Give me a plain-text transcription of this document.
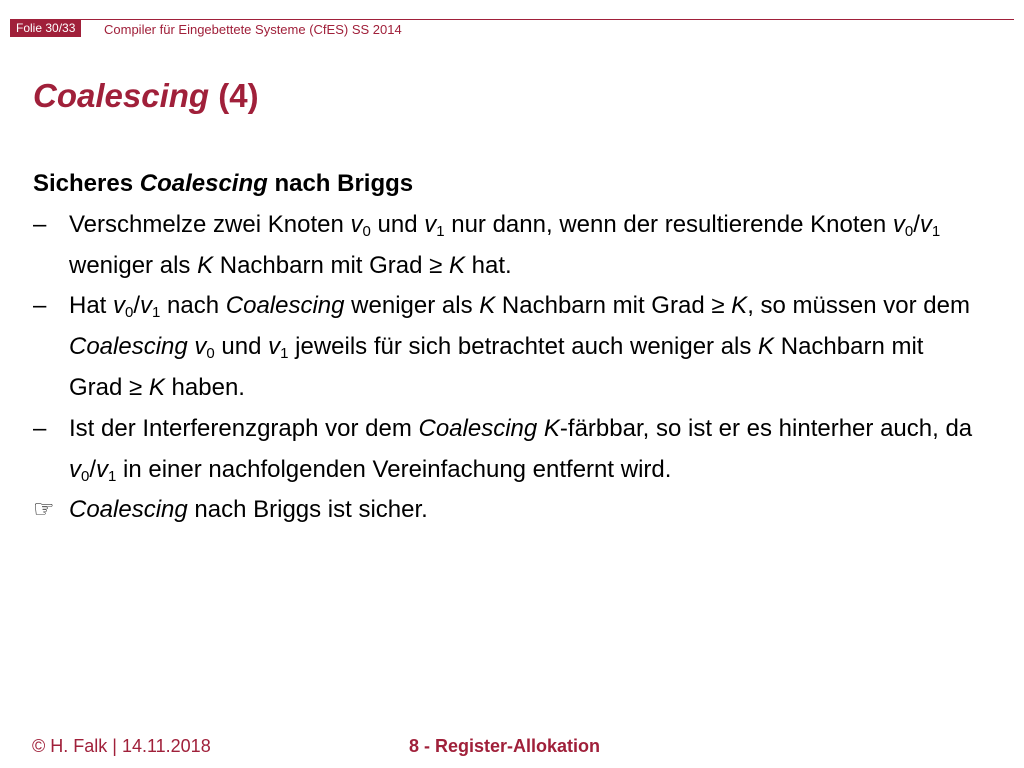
Folie 30/33	Compiler für Eingebettete Systeme (CfES) SS 2014
Coalescing (4)
Sicheres Coalescing nach Briggs
– Verschmelze zwei Knoten $v_0$ und $v_1$ nur dann, wenn der resultierende Knoten $v_0/v_1$ weniger als K Nachbarn mit Grad ≥ K hat.
– Hat $v_0/v_1$ nach Coalescing weniger als K Nachbarn mit Grad ≥ K, so müssen vor dem Coalescing $v_0$ und $v_1$ jeweils für sich betrachtet auch weniger als K Nachbarn mit Grad ≥ K haben.
– Ist der Interferenzgraph vor dem Coalescing K-färbbar, so ist er es hinterher auch, da $v_0/v_1$ in einer nachfolgenden Vereinfachung entfernt wird.
☞ Coalescing nach Briggs ist sicher.
© H. Falk | 14.11.2018	8 - Register-Allokation
